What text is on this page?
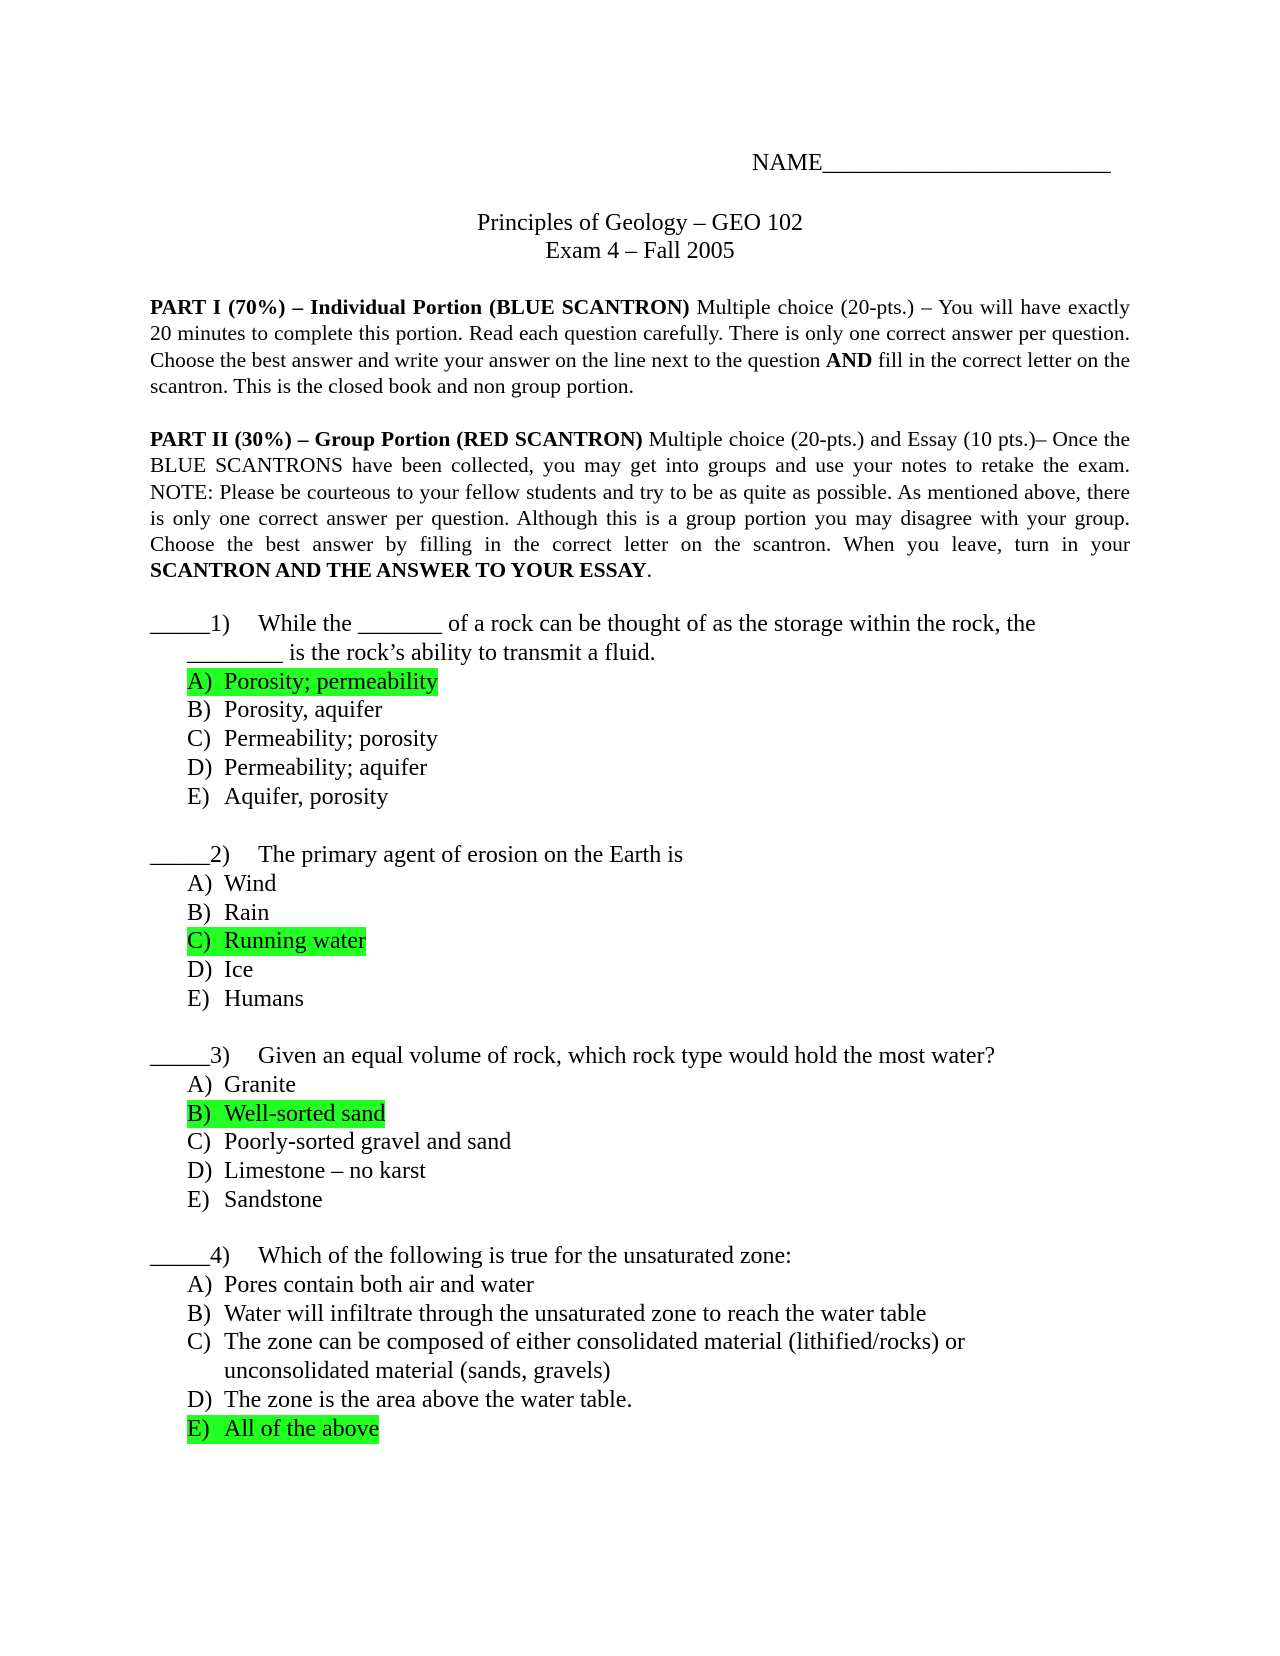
NAME________________________
Principles of Geology – GEO 102
Exam 4 – Fall 2005
PART I (70%) – Individual Portion (BLUE SCANTRON) Multiple choice (20-pts.) – You will have exactly 20 minutes to complete this portion. Read each question carefully. There is only one correct answer per question. Choose the best answer and write your answer on the line next to the question AND fill in the correct letter on the scantron. This is the closed book and non group portion.
PART II (30%) – Group Portion (RED SCANTRON) Multiple choice (20-pts.) and Essay (10 pts.)– Once the BLUE SCANTRONS have been collected, you may get into groups and use your notes to retake the exam. NOTE: Please be courteous to your fellow students and try to be as quite as possible. As mentioned above, there is only one correct answer per question. Although this is a group portion you may disagree with your group. Choose the best answer by filling in the correct letter on the scantron. When you leave, turn in your SCANTRON AND THE ANSWER TO YOUR ESSAY.
_____ 1)	While the _______ of a rock can be thought of as the storage within the rock, the
________ is the rock’s ability to transmit a fluid.
A) Porosity; permeability
B) Porosity, aquifer
C) Permeability; porosity
D) Permeability; aquifer
E) Aquifer, porosity
_____ 2)	The primary agent of erosion on the Earth is
A) Wind
B) Rain
C) Running water
D) Ice
E) Humans
_____ 3)	Given an equal volume of rock, which rock type would hold the most water?
A) Granite
B) Well-sorted sand
C) Poorly-sorted gravel and sand
D) Limestone – no karst
E) Sandstone
_____ 4)	Which of the following is true for the unsaturated zone:
A) Pores contain both air and water
B) Water will infiltrate through the unsaturated zone to reach the water table
C) The zone can be composed of either consolidated material (lithified/rocks) or
unconsolidated material (sands, gravels)
D) The zone is the area above the water table.
E) All of the above
